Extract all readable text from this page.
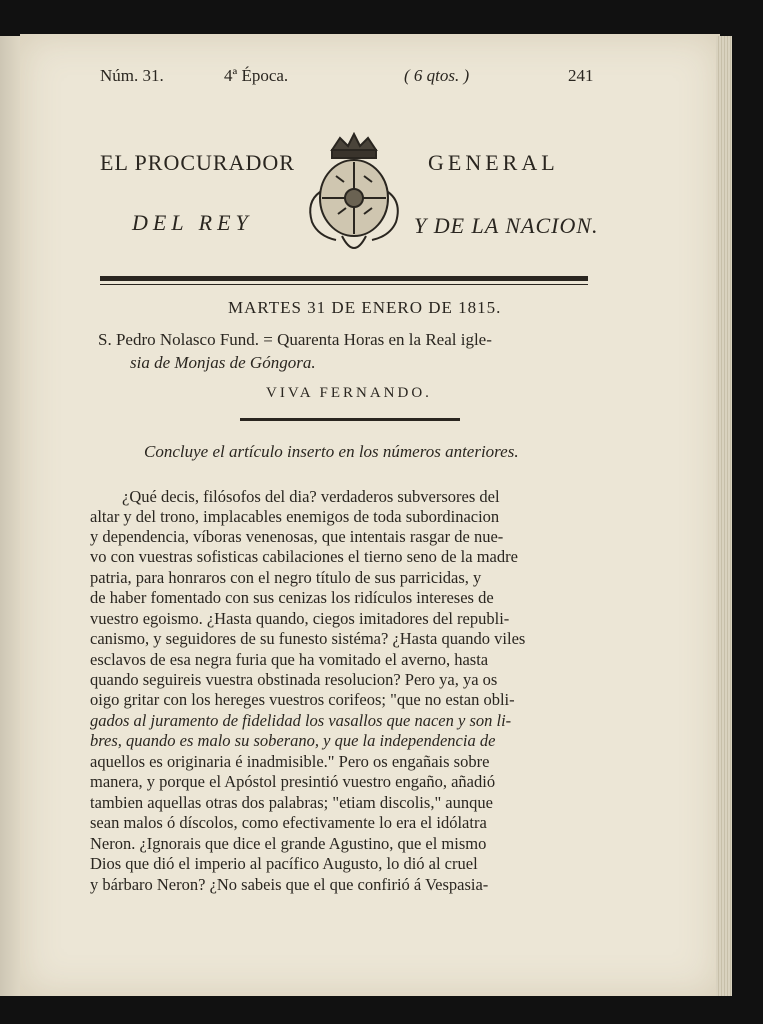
Núm. 31.	4ª Época.	( 6 qtos. )	241
EL PROCURADOR	GENERAL
DEL REY	Y DE LA NACION.
MARTES 31 DE ENERO DE 1815.
S. Pedro Nolasco Fund. = Quarenta Horas en la Real igle-
sia de Monjas de Góngora.
VIVA FERNANDO.
Concluye el artículo inserto en los números anteriores.
¿Qué decis, filósofos del dia? verdaderos subversores del
altar y del trono, implacables enemigos de toda subordinacion
y dependencia, víboras venenosas, que intentais rasgar de nue-
vo con vuestras sofisticas cabilaciones el tierno seno de la madre
patria, para honraros con el negro título de sus parricidas, y
de haber fomentado con sus cenizas los ridículos intereses de
vuestro egoismo. ¿Hasta quando, ciegos imitadores del republi-
canismo, y seguidores de su funesto sistéma? ¿Hasta quando viles
esclavos de esa negra furia que ha vomitado el averno, hasta
quando seguireis vuestra obstinada resolucion? Pero ya, ya os
oigo gritar con los hereges vuestros corifeos; "que no estan obli-
gados al juramento de fidelidad los vasallos que nacen y son li-
bres, quando es malo su soberano, y que la independencia de
aquellos es originaria é inadmisible." Pero os engañais sobre
manera, y porque el Apóstol presintió vuestro engaño, añadió
tambien aquellas otras dos palabras; "etiam discolis," aunque
sean malos ó díscolos, como efectivamente lo era el idólatra
Neron. ¿Ignorais que dice el grande Agustino, que el mismo
Dios que dió el imperio al pacífico Augusto, lo dió al cruel
y bárbaro Neron? ¿No sabeis que el que confirió á Vespasia-
